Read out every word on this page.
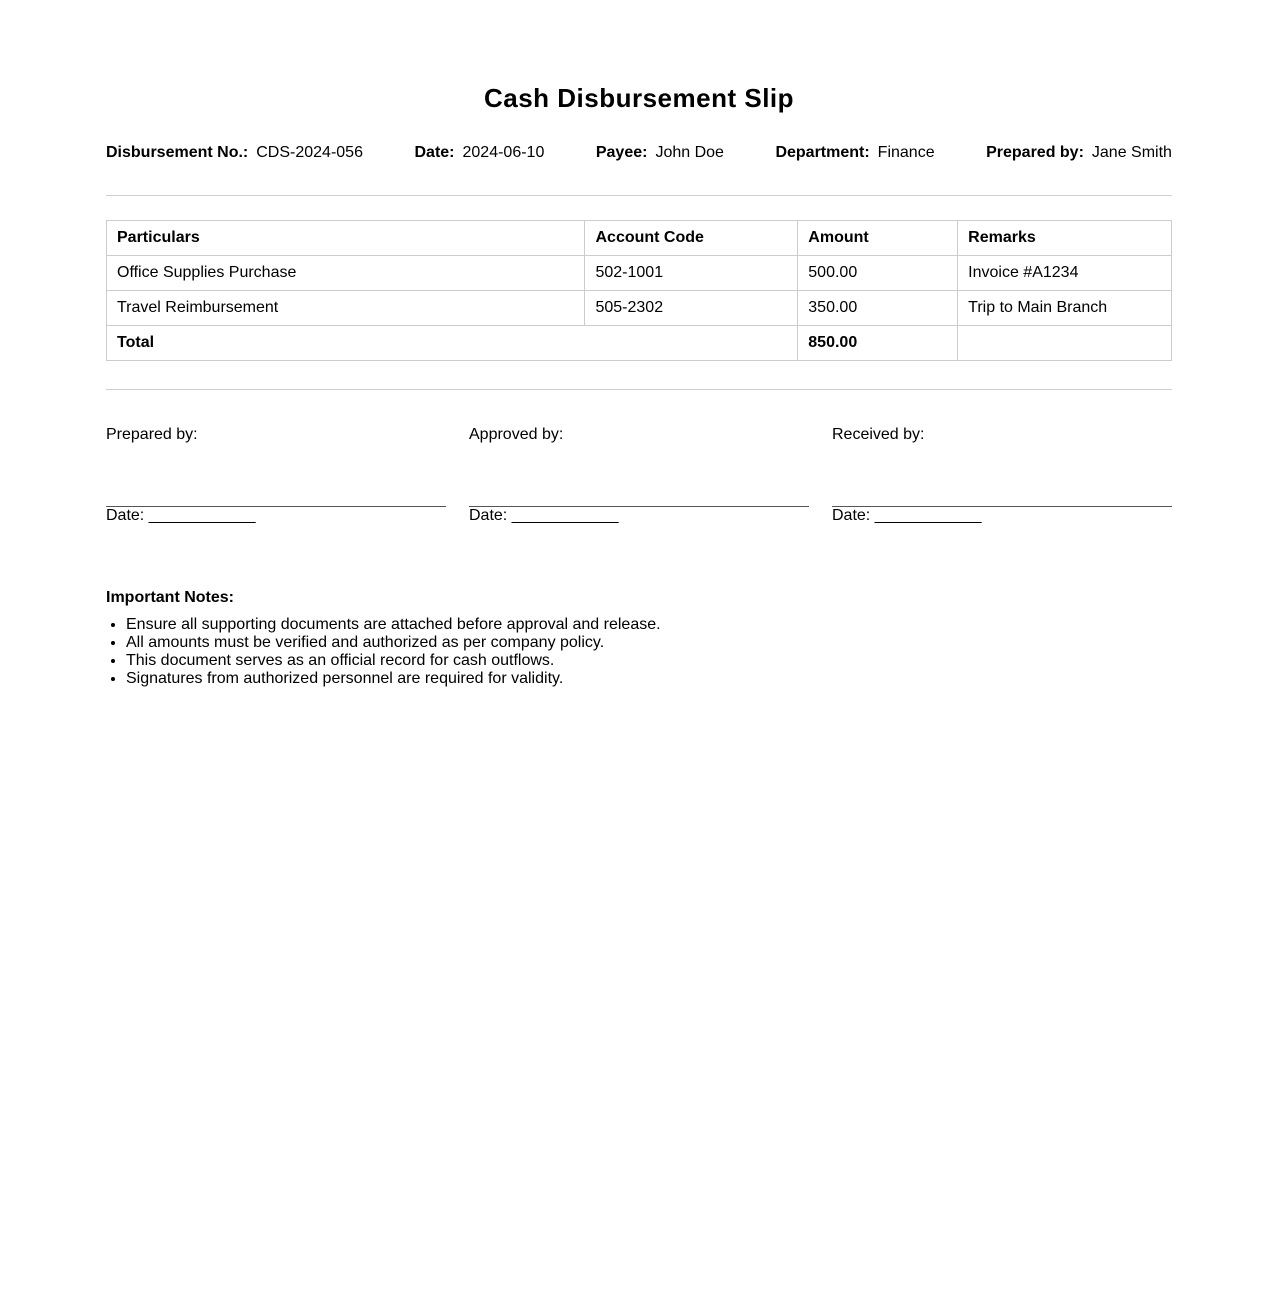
Cash Disbursement Slip
Disbursement No.: CDS-2024-056	Date: 2024-06-10	Payee: John Doe	Department: Finance	Prepared by: Jane Smith
Particulars	Account Code	Amount	Remarks
Office Supplies Purchase	502-1001	500.00	Invoice #A1234
Travel Reimbursement	505-2302	350.00	Trip to Main Branch
Total		850.00	
Prepared by:
Date: ____________
Approved by:
Date: ____________
Received by:
Date: ____________
Important Notes:
• Ensure all supporting documents are attached before approval and release.
• All amounts must be verified and authorized as per company policy.
• This document serves as an official record for cash outflows.
• Signatures from authorized personnel are required for validity.
